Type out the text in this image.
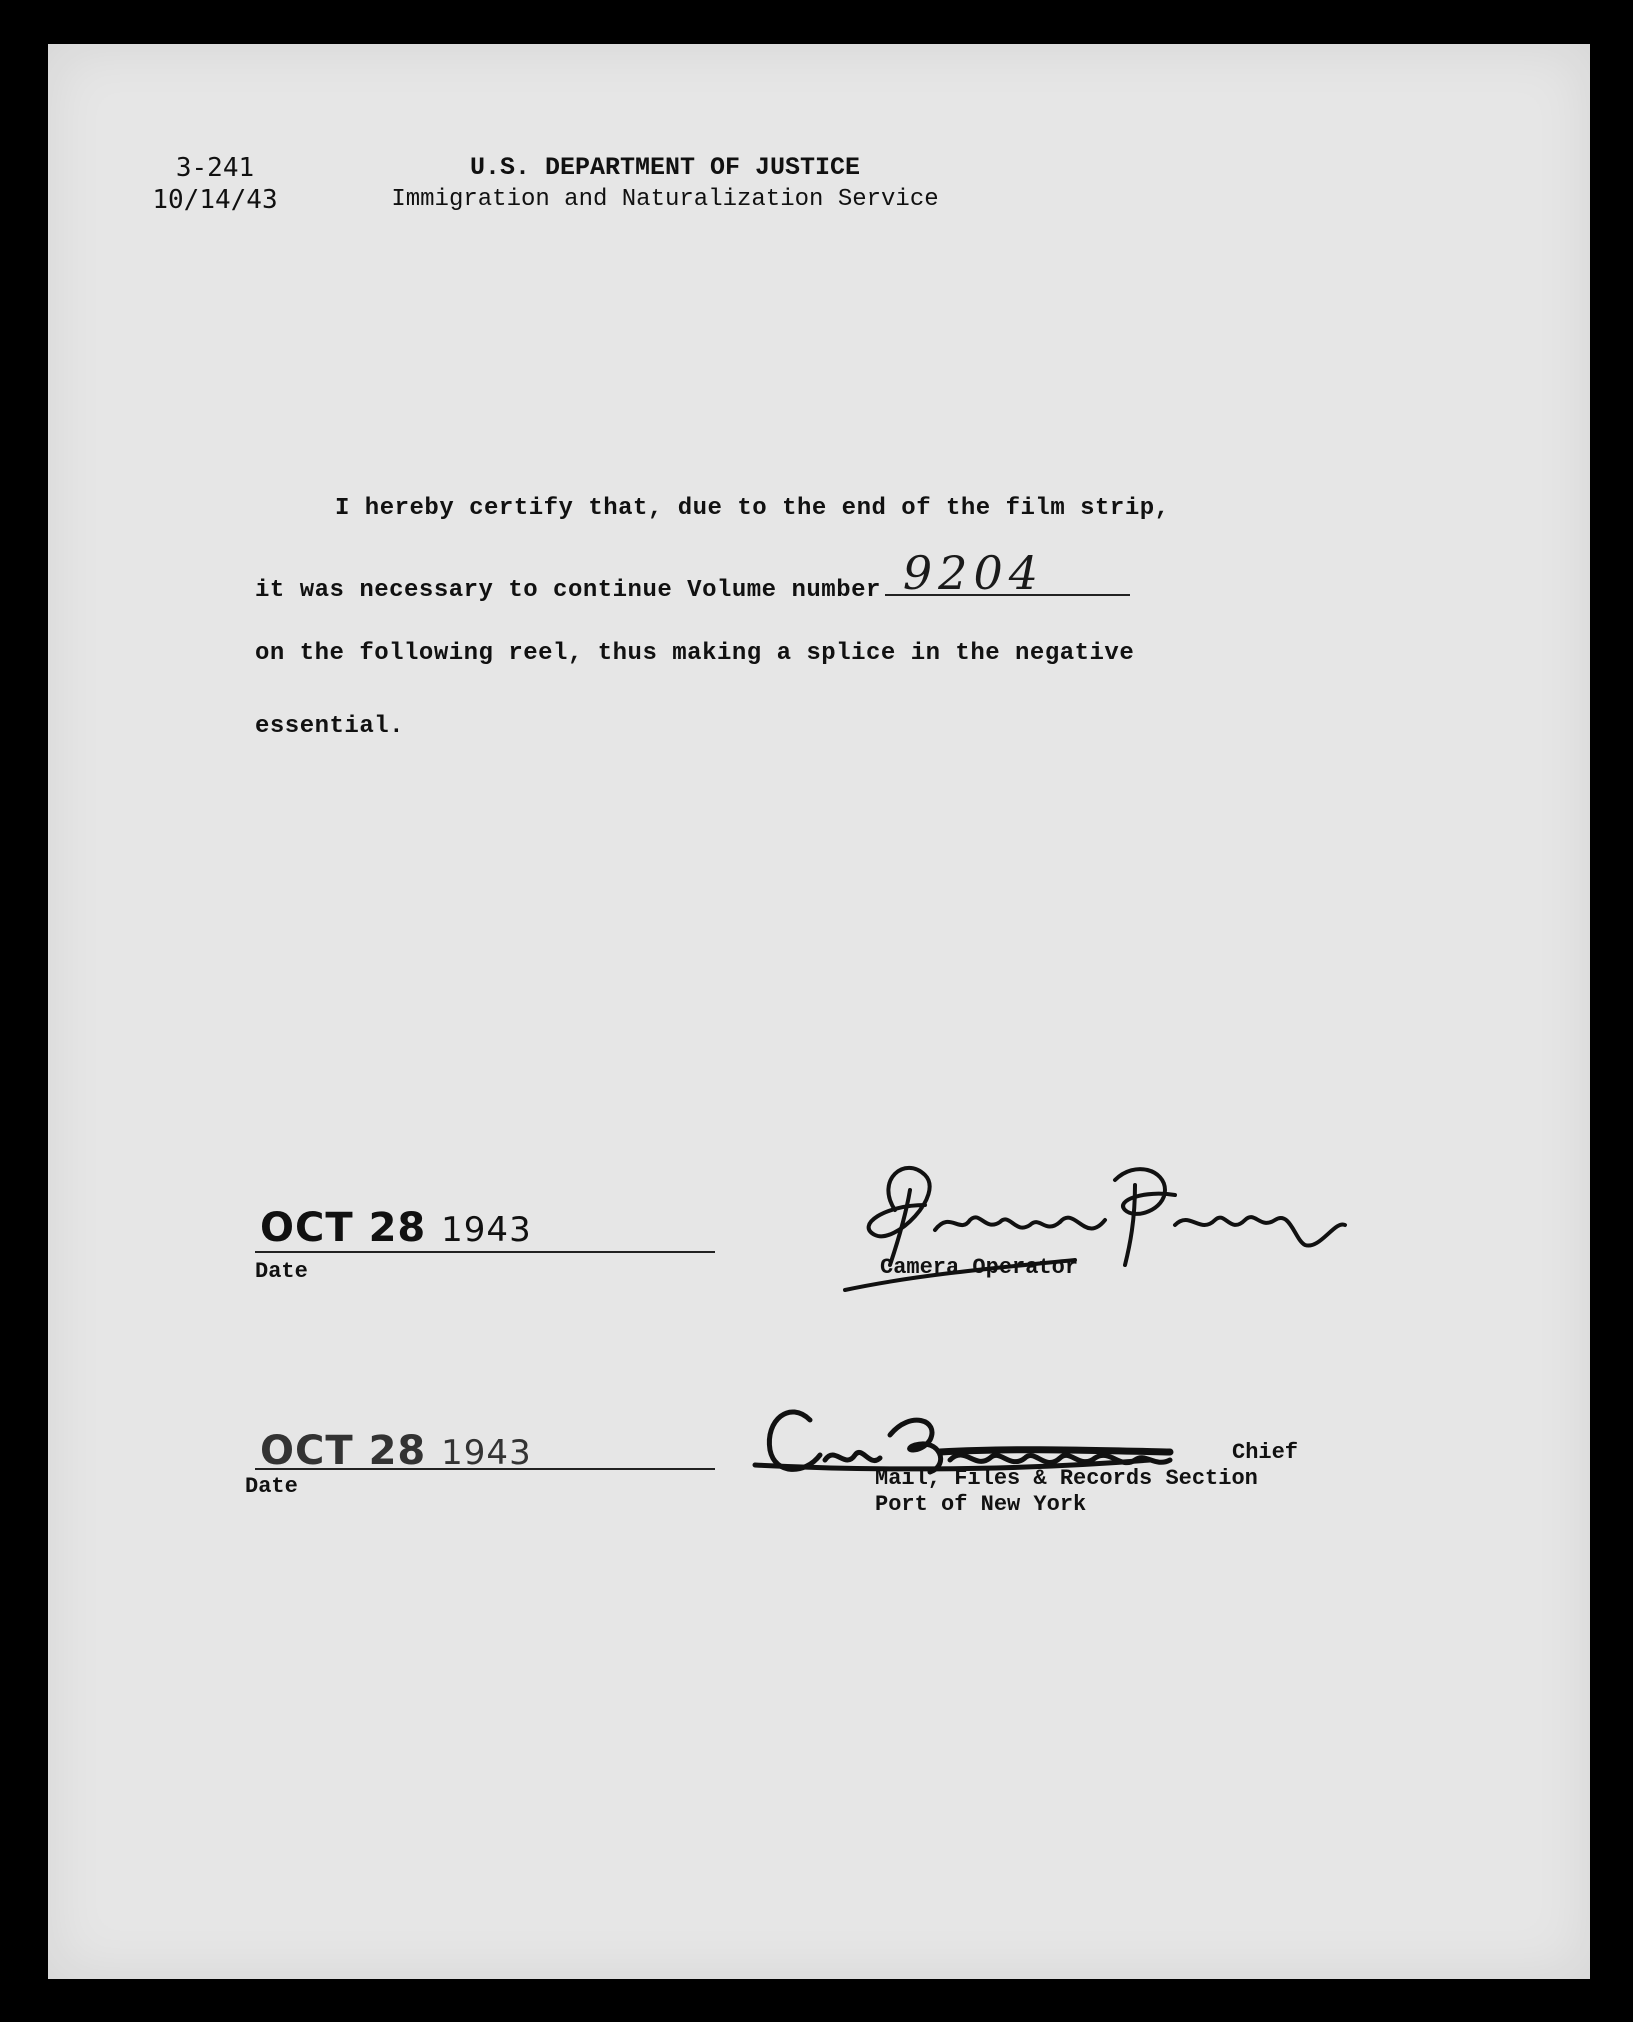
3-241
10/14/43
U.S. DEPARTMENT OF JUSTICE
Immigration and Naturalization Service
I hereby certify that, due to the end of the film strip,
it was necessary to continue Volume number 9204
on the following reel, thus making a splice in the negative
essential.
OCT 28 1943
Date	Camera Operator
OCT 28 1943
Date
Chief
Mail, Files & Records Section
Port of New York
